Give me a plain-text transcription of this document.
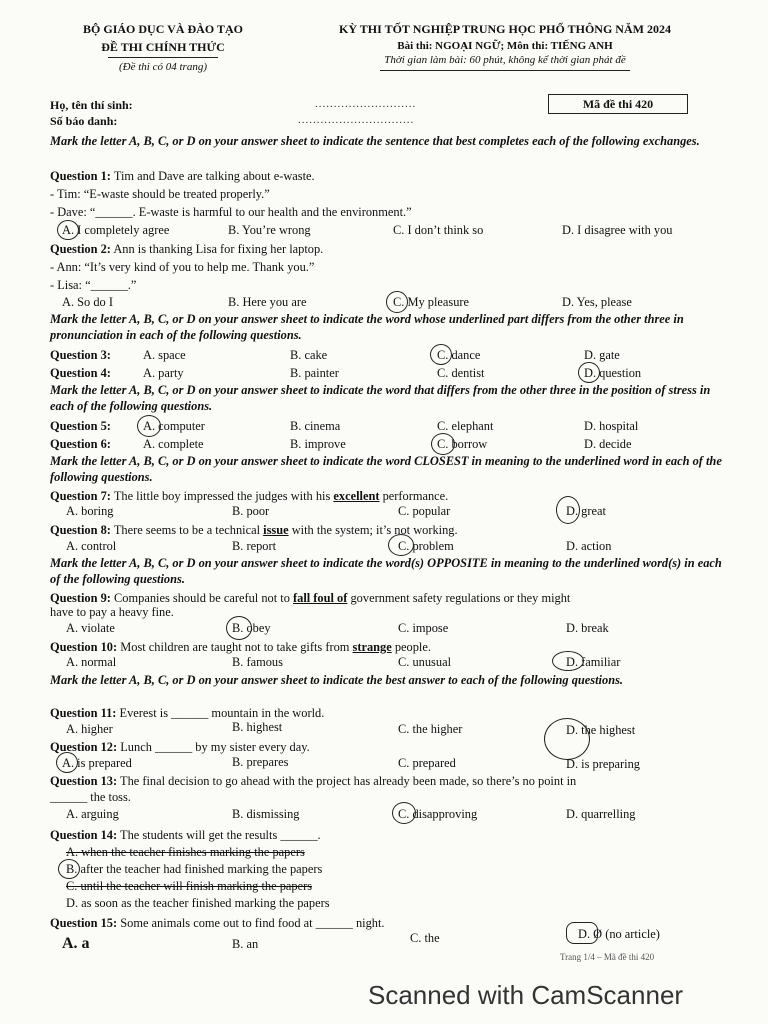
BỘ GIÁO DỤC VÀ ĐÀO TẠO
ĐỀ THI CHÍNH THỨC
(Đề thi có 04 trang)
KỲ THI TỐT NGHIỆP TRUNG HỌC PHỔ THÔNG NĂM 2024
Bài thi: NGOẠI NGỮ; Môn thi: TIẾNG ANH
Thời gian làm bài: 60 phút, không kể thời gian phát đề
Họ, tên thí sinh:	...........................
Số báo danh:	...............................
Mã đề thi 420
Mark the letter A, B, C, or D on your answer sheet to indicate the sentence that best completes each of the following exchanges.
Question 1: Tim and Dave are talking about e-waste.
- Tim: “E-waste should be treated properly.”
- Dave: “______. E-waste is harmful to our health and the environment.”
A. I completely agree	B. You’re wrong	C. I don’t think so	D. I disagree with you
Question 2: Ann is thanking Lisa for fixing her laptop.
- Ann: “It’s very kind of you to help me. Thank you.”
- Lisa: “______.”
A. So do I	B. Here you are	C. My pleasure	D. Yes, please
Mark the letter A, B, C, or D on your answer sheet to indicate the word whose underlined part differs from the other three in pronunciation in each of the following questions.
Question 3:	A. space	B. cake	C. dance	D. gate
Question 4:	A. party	B. painter	C. dentist	D. question
Mark the letter A, B, C, or D on your answer sheet to indicate the word that differs from the other three in the position of stress in each of the following questions.
Question 5:	A. computer	B. cinema	C. elephant	D. hospital
Question 6:	A. complete	B. improve	C. borrow	D. decide
Mark the letter A, B, C, or D on your answer sheet to indicate the word CLOSEST in meaning to the underlined word in each of the following questions.
Question 7: The little boy impressed the judges with his excellent performance.
A. boring	B. poor	C. popular	D. great
Question 8: There seems to be a technical issue with the system; it’s not working.
A. control	B. report	C. problem	D. action
Mark the letter A, B, C, or D on your answer sheet to indicate the word(s) OPPOSITE in meaning to the underlined word(s) in each of the following questions.
Question 9: Companies should be careful not to fall foul of government safety regulations or they might
have to pay a heavy fine.
A. violate	B. obey	C. impose	D. break
Question 10: Most children are taught not to take gifts from strange people.
A. normal	B. famous	C. unusual	D. familiar
Mark the letter A, B, C, or D on your answer sheet to indicate the best answer to each of the following questions.
Question 11: Everest is ______ mountain in the world.
A. higher	B. highest	C. the higher	D. the highest
Question 12: Lunch ______ by my sister every day.
A. is prepared	B. prepares	C. prepared	D. is preparing
Question 13: The final decision to go ahead with the project has already been made, so there’s no point in
______ the toss.
A. arguing	B. dismissing	C. disapproving	D. quarrelling
Question 14: The students will get the results ______.
A. when the teacher finishes marking the papers
B. after the teacher had finished marking the papers
C. until the teacher will finish marking the papers
D. as soon as the teacher finished marking the papers
Question 15: Some animals come out to find food at ______ night.
A. a	B. an	C. the	D. Ø (no article)
Trang 1/4 – Mã đề thi 420
Scanned with CamScanner
